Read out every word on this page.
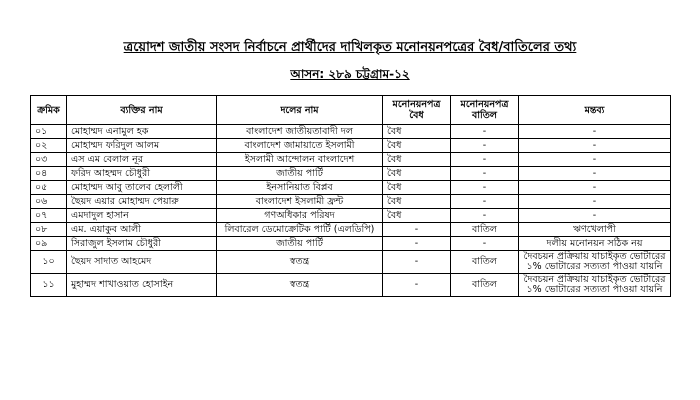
ত্রয়োদশ জাতীয় সংসদ নির্বাচনে প্রার্থীদের দাখিলকৃত মনোনয়নপত্রের বৈধ/বাতিলের তথ্য
আসন: ২৮৯ চট্টগ্রাম-১২
ক্রমিক	ব্যক্তির নাম	দলের নাম	মনোনয়নপত্র বৈধ	মনোনয়নপত্র বাতিল	মন্তব্য
০১	মোহাম্মদ এনামুল হক	বাংলাদেশ জাতীয়তাবাদী দল	বৈধ	-	-
০২	মোহাম্মদ ফরিদুল আলম	বাংলাদেশ জামায়াতে ইসলামী	বৈধ	-	-
০৩	এস এম বেলাল নূর	ইসলামী আন্দোলন বাংলাদেশ	বৈধ	-	-
০৪	ফরিদ আহম্মদ চৌধুরী	জাতীয় পার্টি	বৈধ	-	-
০৫	মোহাম্মদ আবু তালেব হেলালী	ইনসানিয়াত বিপ্লব	বৈধ	-	-
০৬	ছৈয়দ এয়ার মোহাম্মদ পেয়ারু	বাংলাদেশ ইসলামী ফ্রন্ট	বৈধ	-	-
০৭	এমদাদুল হাসান	গণঅধিকার পরিষদ	বৈধ	-	-
০৮	এম. এয়াকুব আলী	লিবারেল ডেমোক্রেটিক পার্টি (এলডিপি)	-	বাতিল	ঋণখেলাপী
০৯	সিরাজুল ইসলাম চৌধুরী	জাতীয় পার্টি	-	-	দলীয় মনোনয়ন সঠিক নয়
১০	ছৈয়দ সাদাত আহমেদ	স্বতন্ত্র	-	বাতিল	দৈবচয়ন প্রক্রিয়ায় যাচাইকৃত ভোটারের ১% ভোটারের সত্যতা পাওয়া যায়নি
১১	মুহাম্মদ শাখাওয়াত হোসাইন	স্বতন্ত্র	-	বাতিল	দৈবচয়ন প্রক্রিয়ায় যাচাইকৃত ভোটারের ১% ভোটারের সত্যতা পাওয়া যায়নি
